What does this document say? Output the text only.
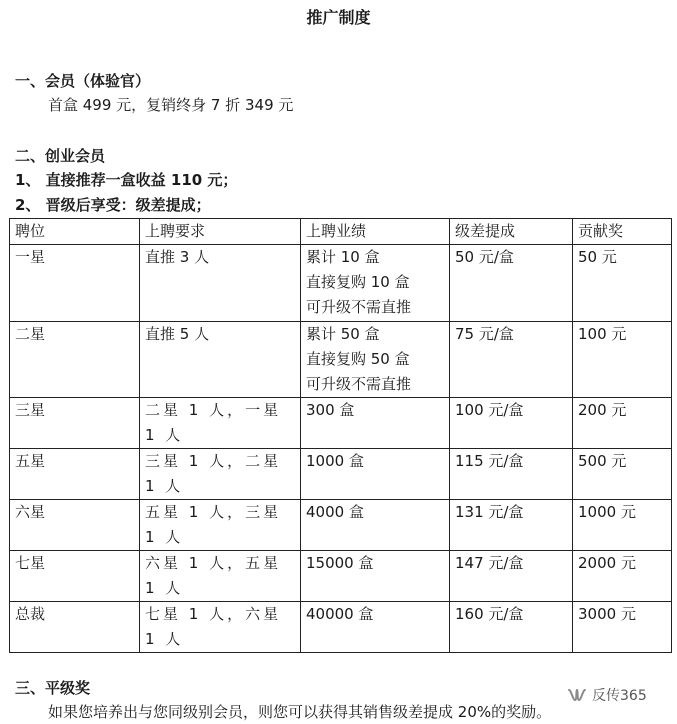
推广制度
一、会员（体验官）
首盒 499 元，复销终身 7 折 349 元
二、创业会员
1、 直接推荐一盒收益 110 元；
2、 晋级后享受：级差提成；
聘位	上聘要求	上聘业绩	级差提成	贡献奖
一星	直推 3 人	累计 10 盒
直接复购 10 盒
可升级不需直推	50 元/盒	50 元
二星	直推 5 人	累计 50 盒
直接复购 50 盒
可升级不需直推	75 元/盒	100 元
三星	二星 1 人，一星 1 人	300 盒	100 元/盒	200 元
五星	三星 1 人，二星 1 人	1000 盒	115 元/盒	500 元
六星	五星 1 人，三星 1 人	4000 盒	131 元/盒	1000 元
七星	六星 1 人，五星 1 人	15000 盒	147 元/盒	2000 元
总裁	七星 1 人，六星 1 人	40000 盒	160 元/盒	3000 元
三、平级奖
如果您培养出与您同级别会员，则您可以获得其销售级差提成 20%的奖励。
反传365
